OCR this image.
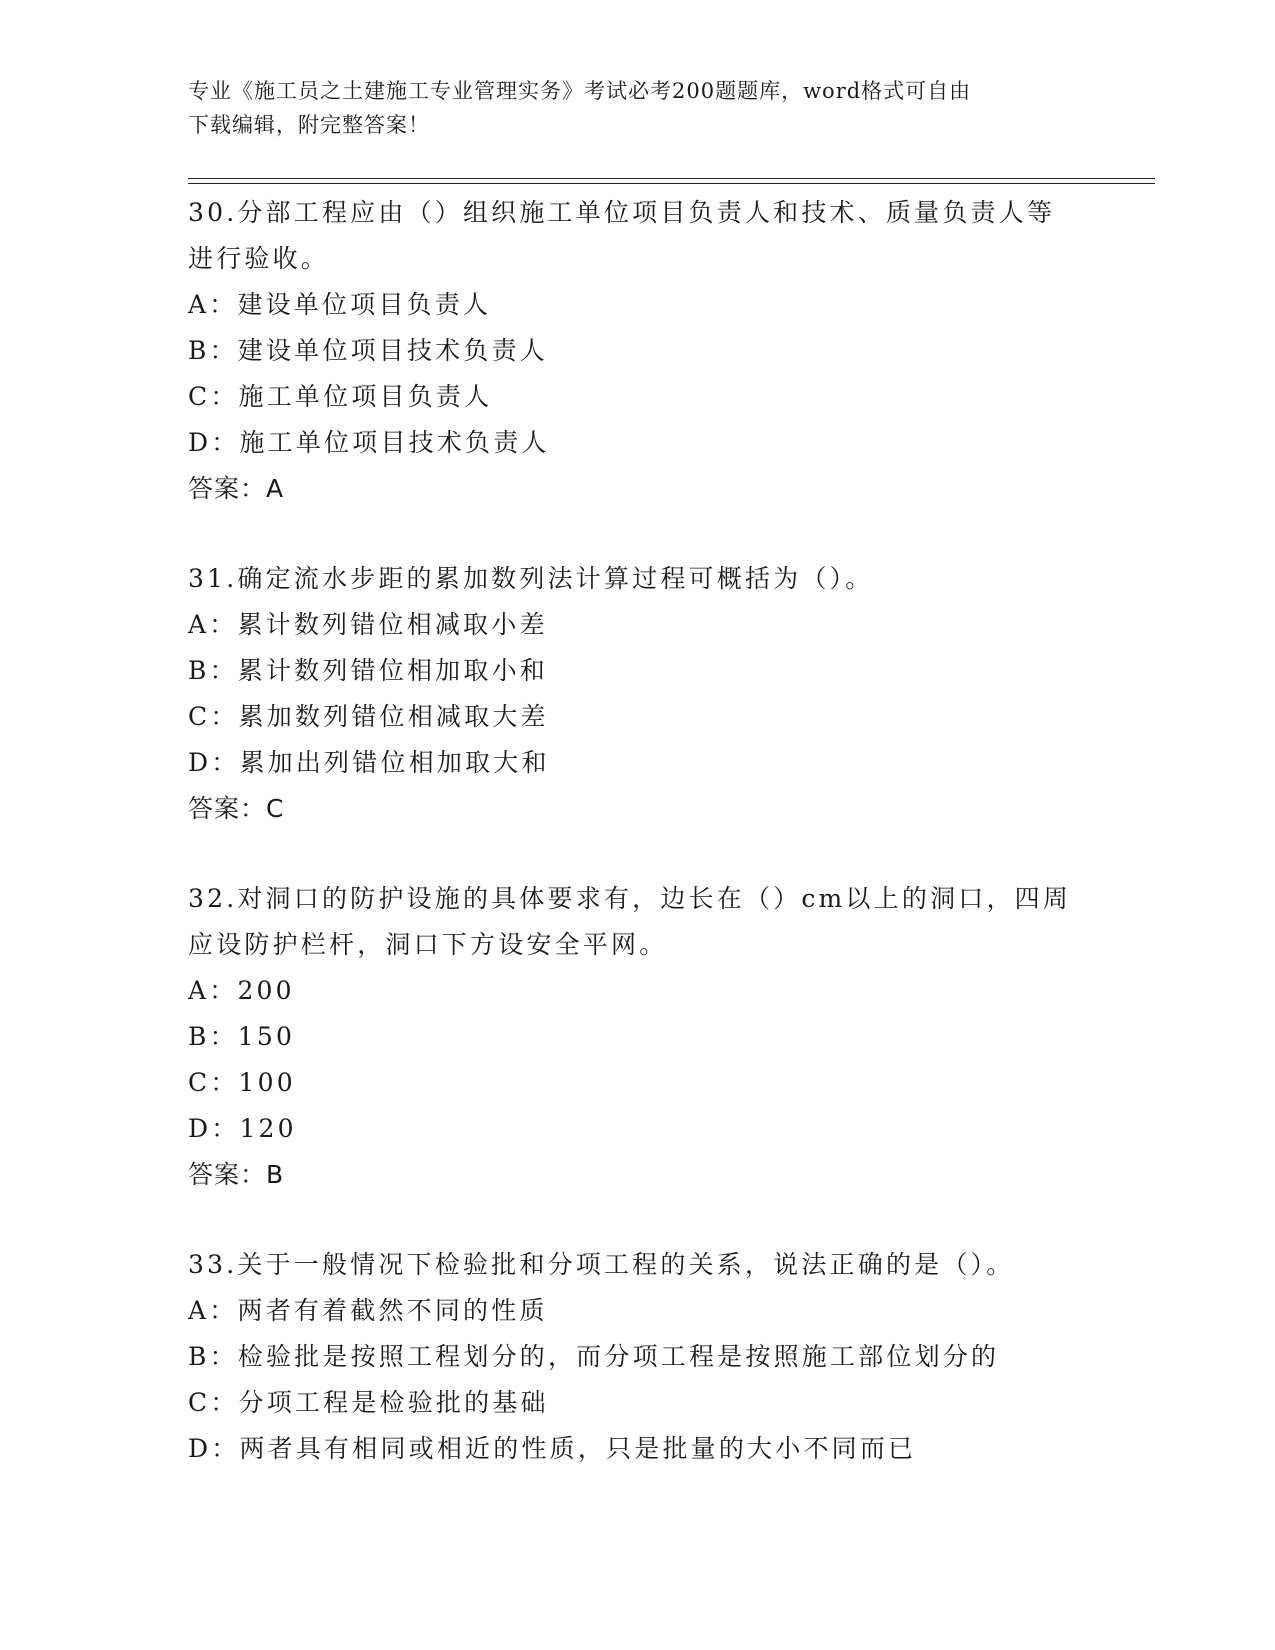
专业《施工员之土建施工专业管理实务》考试必考200题题库，word格式可自由
下载编辑，附完整答案！
30.分部工程应由（）组织施工单位项目负责人和技术、质量负责人等
进行验收。
A：建设单位项目负责人
B：建设单位项目技术负责人
C：施工单位项目负责人
D：施工单位项目技术负责人
答案：A
31.确定流水步距的累加数列法计算过程可概括为（）。
A：累计数列错位相减取小差
B：累计数列错位相加取小和
C：累加数列错位相减取大差
D：累加出列错位相加取大和
答案：C
32.对洞口的防护设施的具体要求有，边长在（）cm以上的洞口，四周
应设防护栏杆，洞口下方设安全平网。
A：200
B：150
C：100
D：120
答案：B
33.关于一般情况下检验批和分项工程的关系，说法正确的是（）。
A：两者有着截然不同的性质
B：检验批是按照工程划分的，而分项工程是按照施工部位划分的
C：分项工程是检验批的基础
D：两者具有相同或相近的性质，只是批量的大小不同而已
